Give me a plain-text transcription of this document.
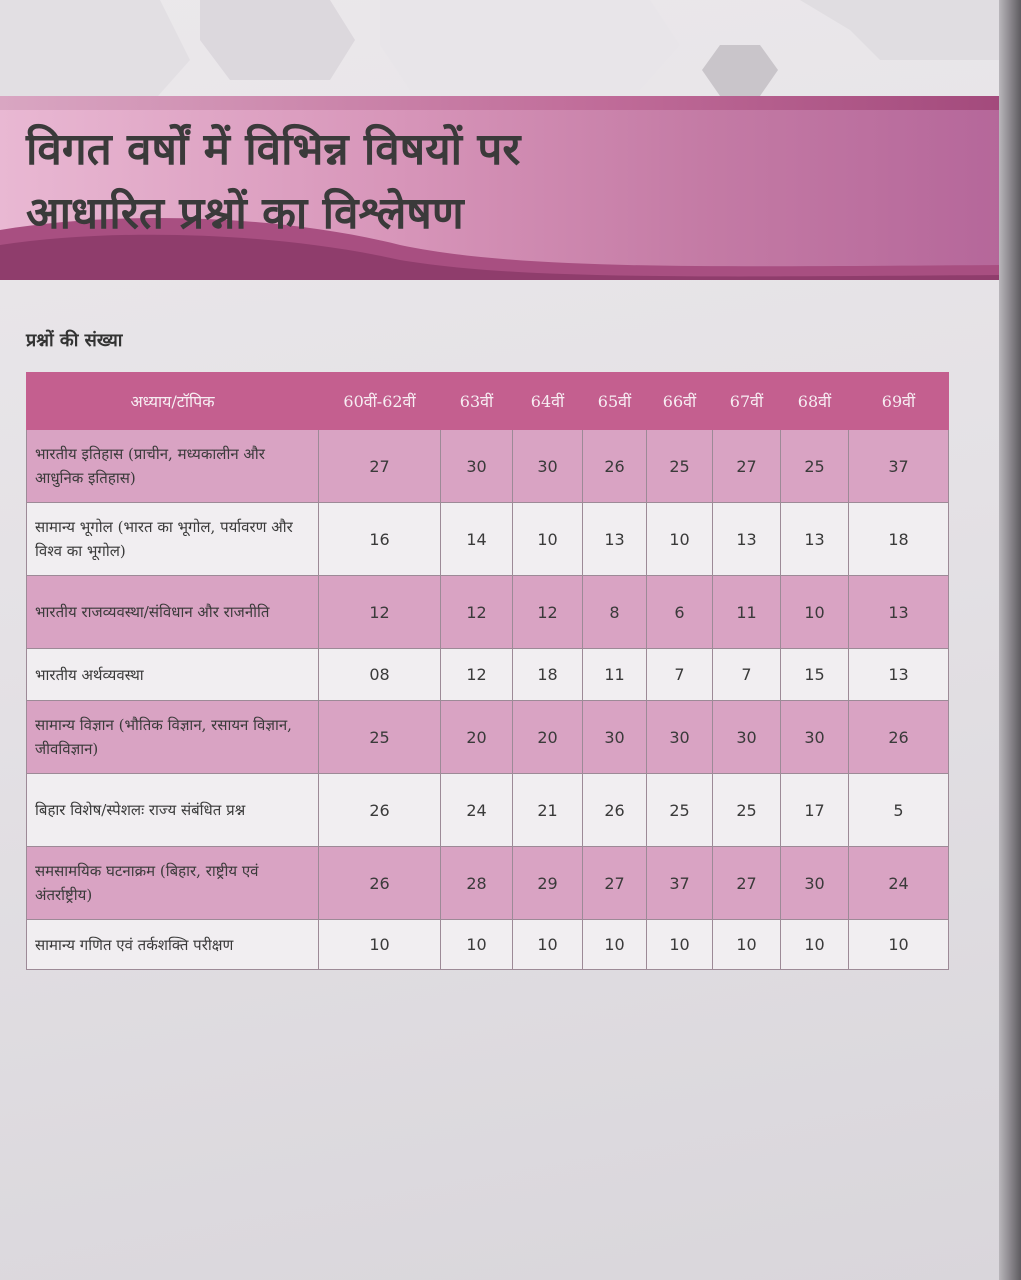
विगत वर्षों में विभिन्न विषयों पर आधारित प्रश्नों का विश्लेषण
प्रश्नों की संख्या
अध्याय/टॉपिक	60वीं-62वीं	63वीं	64वीं	65वीं	66वीं	67वीं	68वीं	69वीं
भारतीय इतिहास (प्राचीन, मध्यकालीन और आधुनिक इतिहास)	27	30	30	26	25	27	25	37
सामान्य भूगोल (भारत का भूगोल, पर्यावरण और विश्व का भूगोल)	16	14	10	13	10	13	13	18
भारतीय राजव्यवस्था/संविधान और राजनीति	12	12	12	8	6	11	10	13
भारतीय अर्थव्यवस्था	08	12	18	11	7	7	15	13
सामान्य विज्ञान (भौतिक विज्ञान, रसायन विज्ञान, जीवविज्ञान)	25	20	20	30	30	30	30	26
बिहार विशेष/स्पेशलः राज्य संबंधित प्रश्न	26	24	21	26	25	25	17	5
समसामयिक घटनाक्रम (बिहार, राष्ट्रीय एवं अंतर्राष्ट्रीय)	26	28	29	27	37	27	30	24
सामान्य गणित एवं तर्कशक्ति परीक्षण	10	10	10	10	10	10	10	10
